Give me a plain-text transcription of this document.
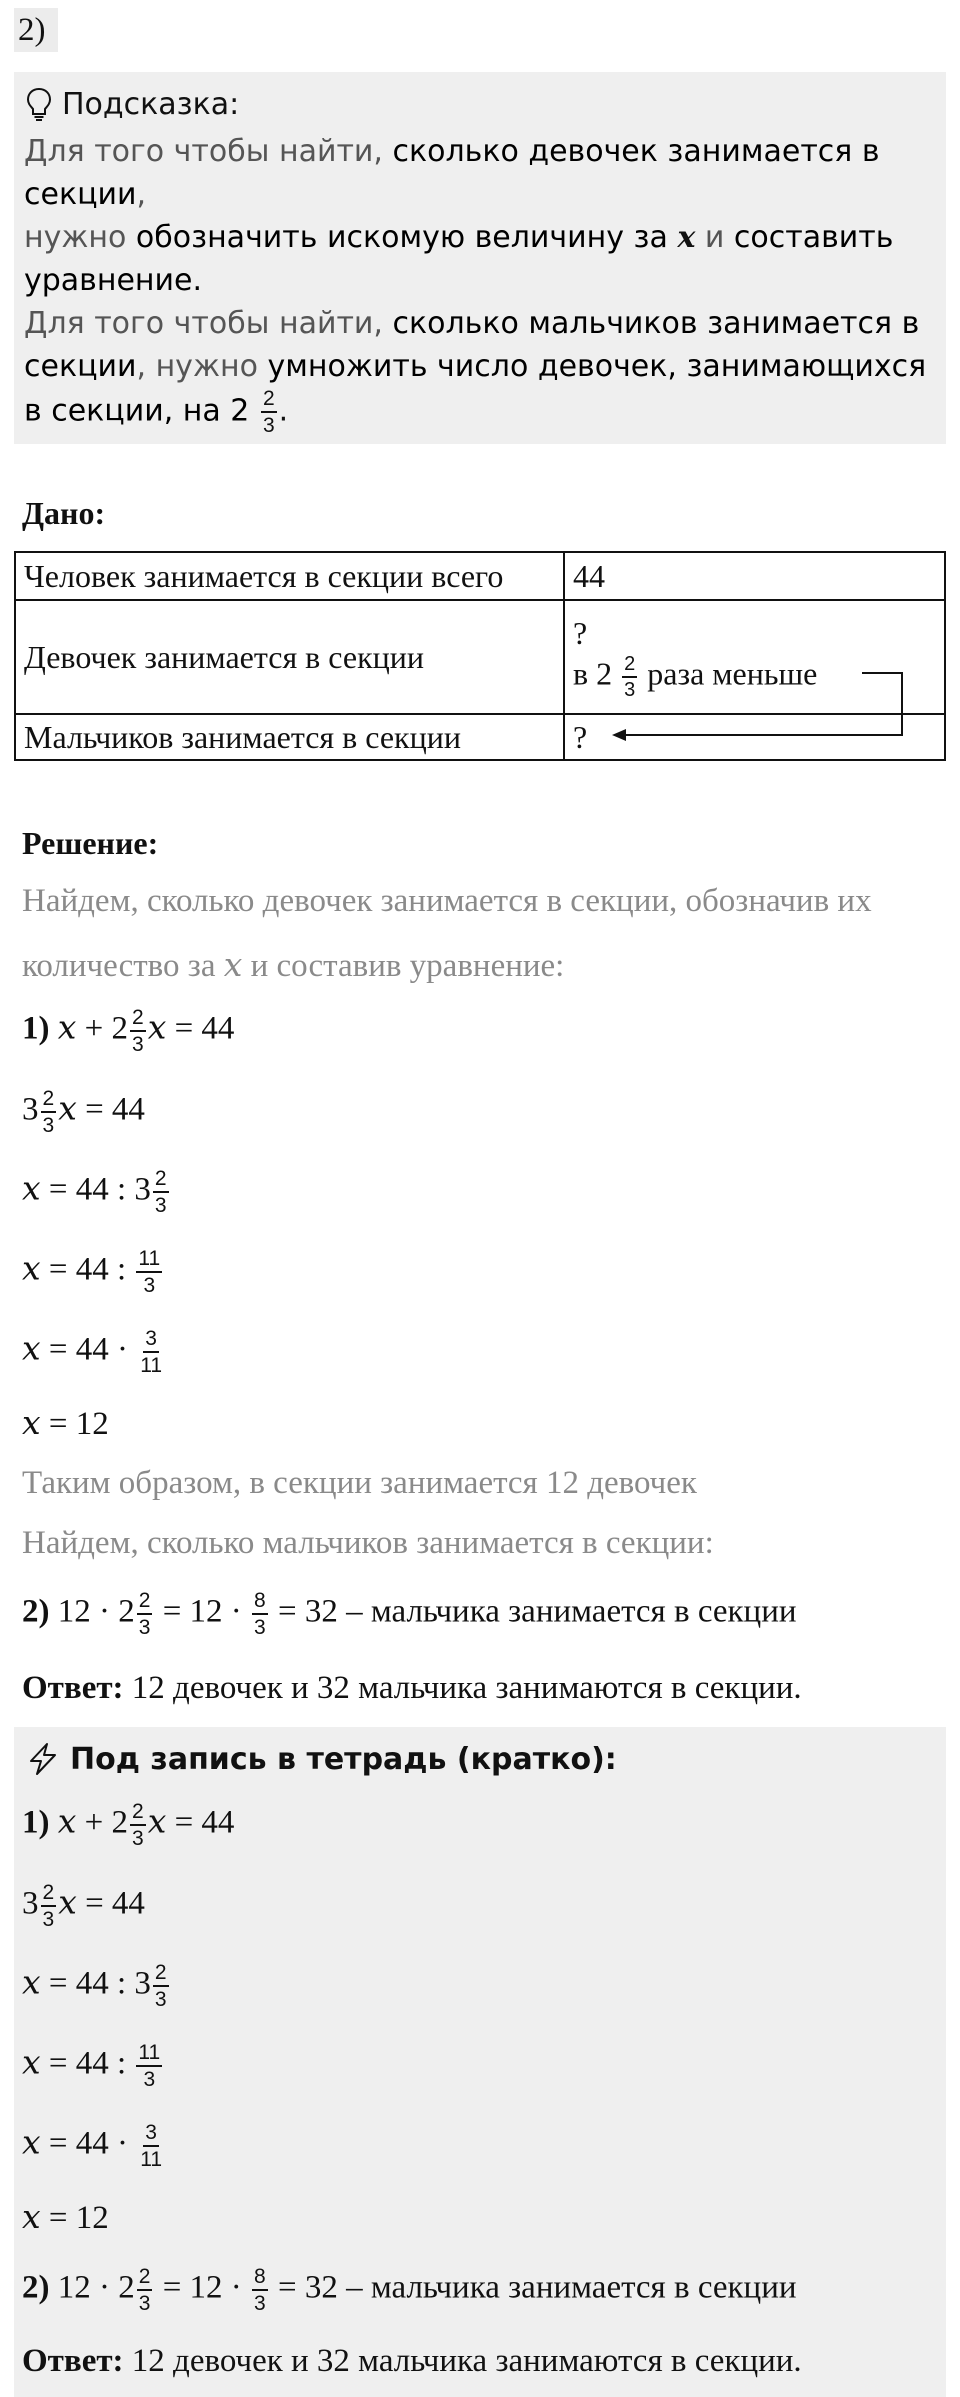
2)
Подсказка:
Для того чтобы найти, сколько девочек занимается в секции,
нужно обозначить искомую величину за x и составить уравнение.
Для того чтобы найти, сколько мальчиков занимается в секции, нужно умножить число девочек, занимающихся в секции, на $2 \frac{2}{3}$ .
Дано:
Человек занимается в секции всего	44
Девочек занимается в секции	?
в $2 \frac{2}{3}$ раза меньше

Мальчиков занимается в секции	?
Решение:
Найдем, сколько девочек занимается в секции, обозначив их
количество за x и составив уравнение:
1) $x + 2 \frac{2}{3}$ x = 44
$3 \frac{2}{3}$ x = 44
x = 44 : $3 \frac{2}{3}$
x = 44 : $\frac{11}{3}$
$x = 44 \cdot \frac{3}{11}$
x = 12
Таким образом, в секции занимается 12 девочек
Найдем, сколько мальчиков занимается в секции:
2) $12 \cdot 2 \frac{2}{3} = 12 \cdot \frac{8}{3} = 32$ – мальчика занимается в секции
Ответ: 12 девочек и 32 мальчика занимаются в секции.
Под запись в тетрадь (кратко):
1) $x + 2 \frac{2}{3}$ x = 44
$3 \frac{2}{3}$ x = 44
x = 44 : $3 \frac{2}{3}$
x = 44 : $\frac{11}{3}$
$x = 44 \cdot \frac{3}{11}$
x = 12
2) $12 \cdot 2 \frac{2}{3} = 12 \cdot \frac{8}{3} = 32$ – мальчика занимается в секции
Ответ: 12 девочек и 32 мальчика занимаются в секции.
